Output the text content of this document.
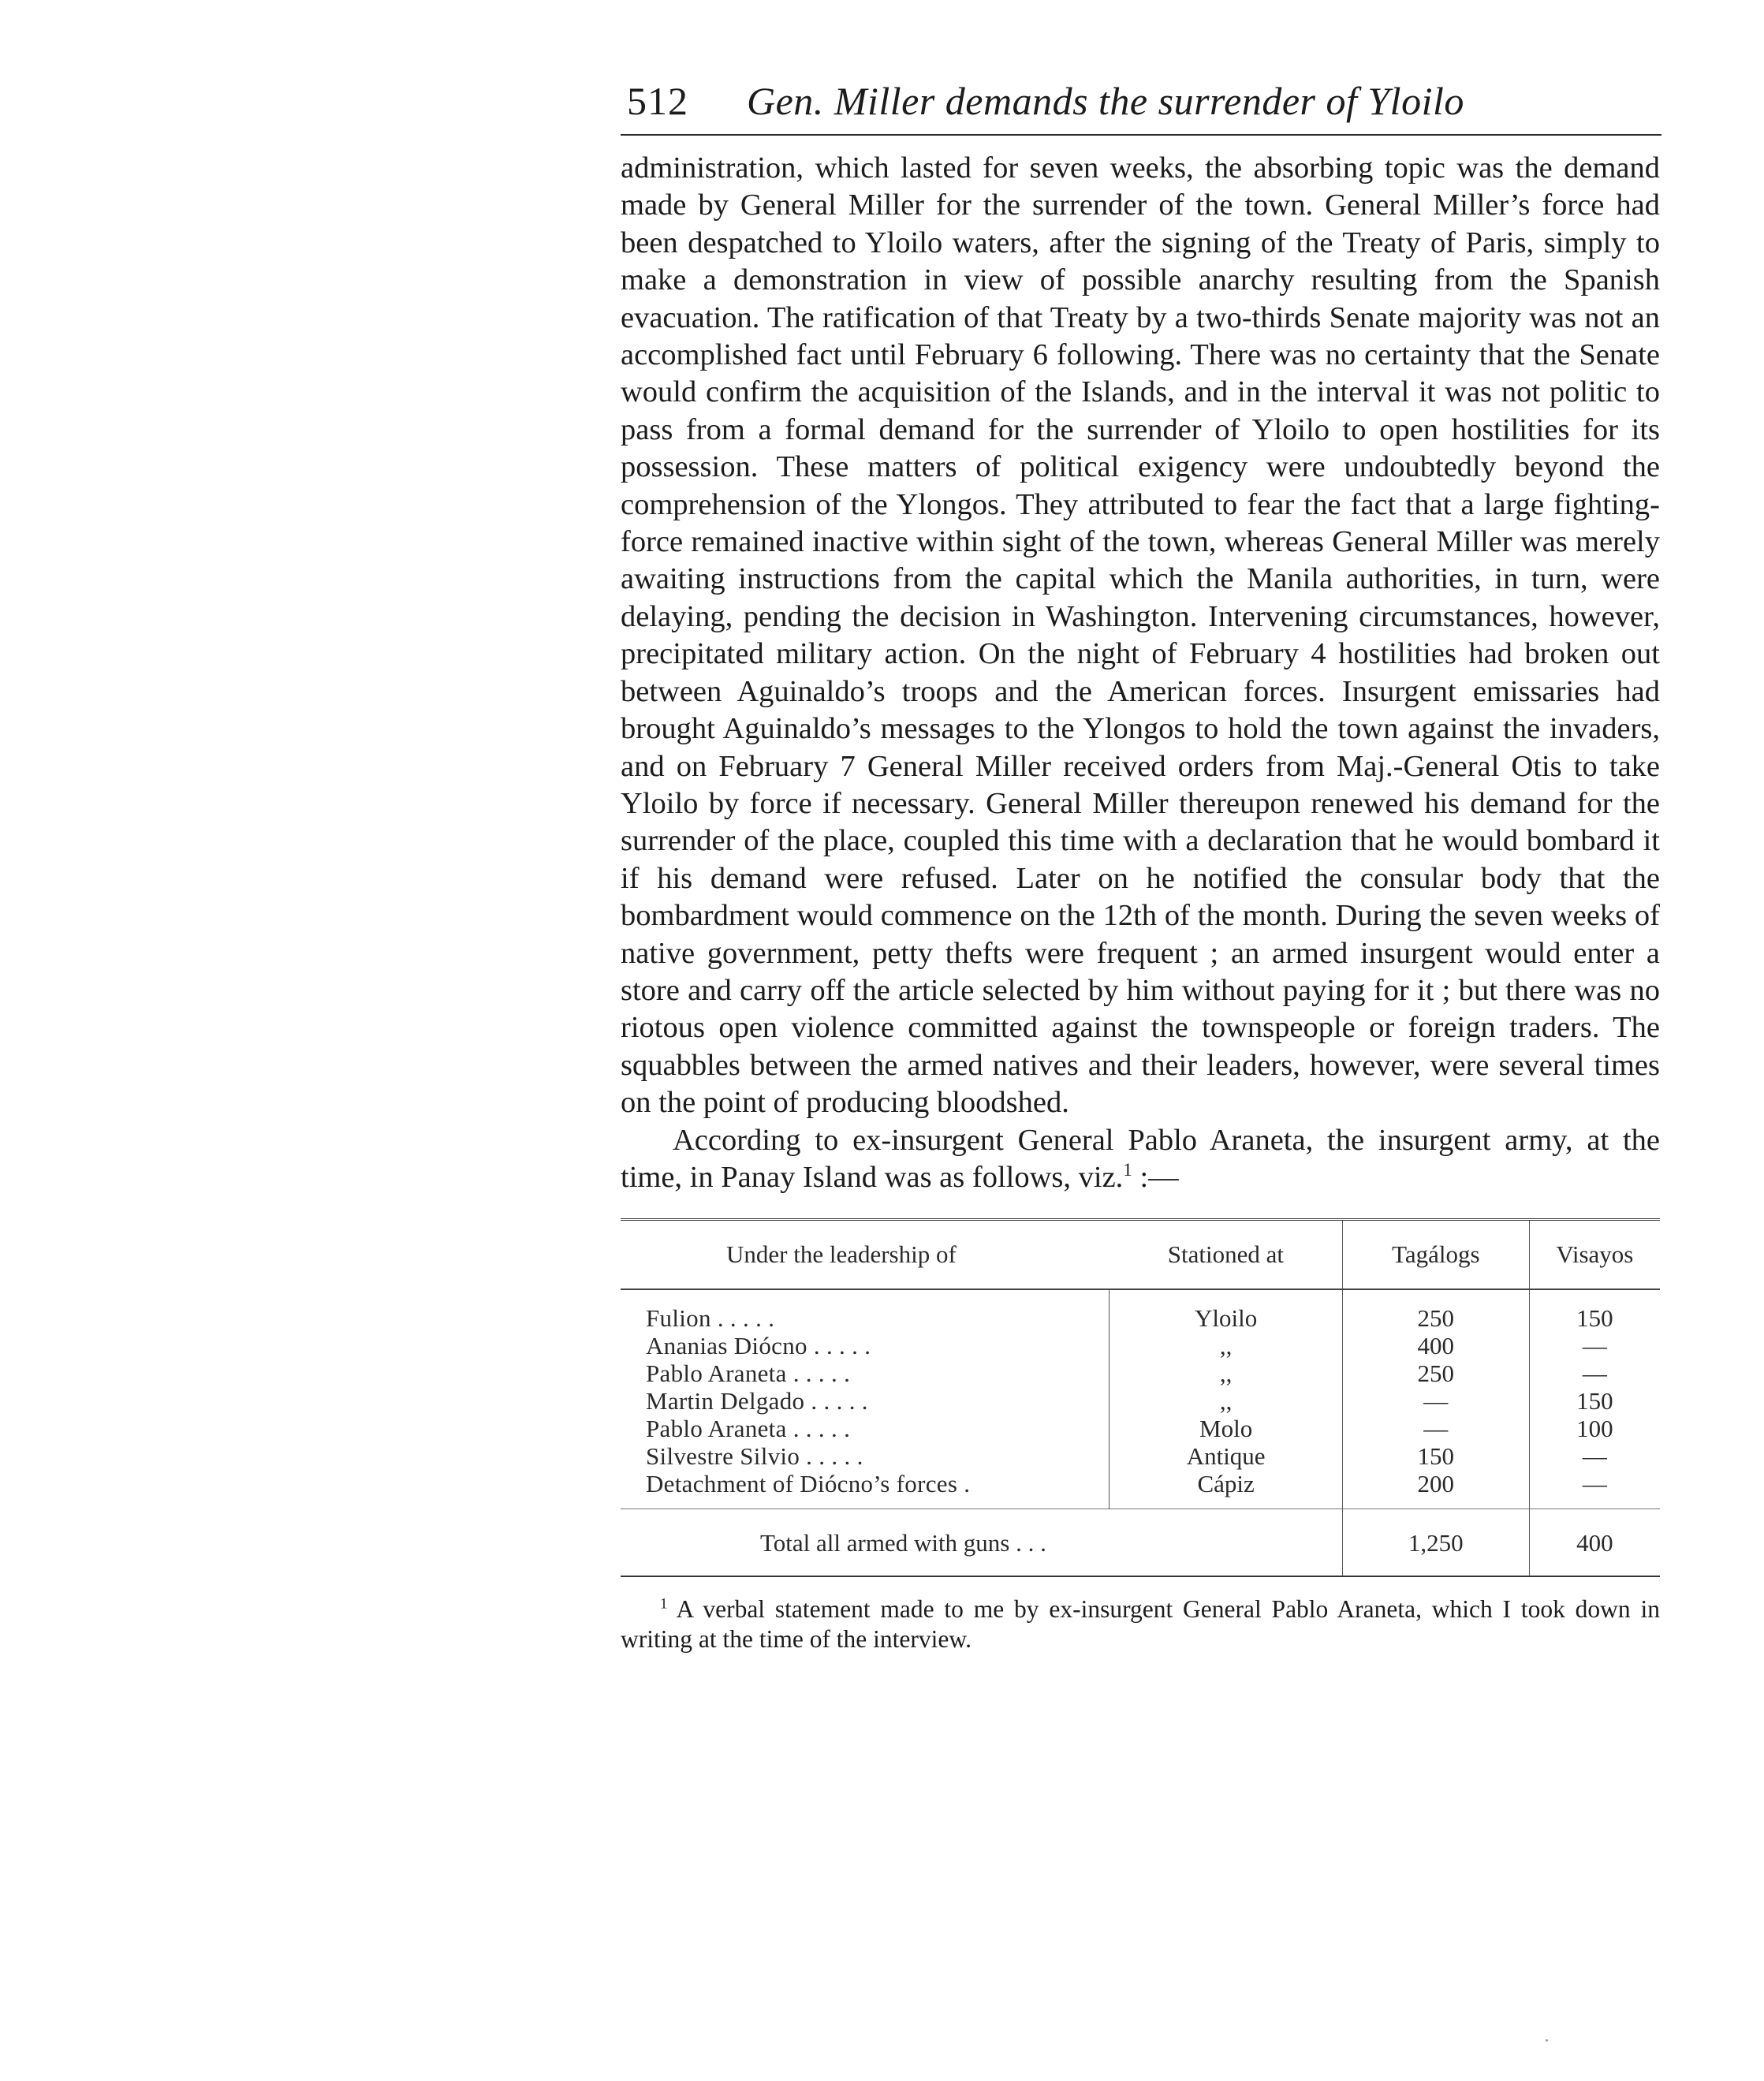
512 Gen. Miller demands the surrender of Yloilo

administration, which lasted for seven weeks, the absorbing topic was the demand made by General Miller for the surrender of the town. General Miller’s force had been despatched to Yloilo waters, after the signing of the Treaty of Paris, simply to make a demonstration in view of possible anarchy resulting from the Spanish evacuation. The ratification of that Treaty by a two-thirds Senate majority was not an accomplished fact until February 6 following. There was no certainty that the Senate would confirm the acquisition of the Islands, and in the interval it was not politic to pass from a formal demand for the surrender of Yloilo to open hostilities for its possession. These matters of political exigency were undoubtedly beyond the comprehension of the Ylongos. They attributed to fear the fact that a large fighting-force remained inactive within sight of the town, whereas General Miller was merely awaiting instructions from the capital which the Manila authorities, in turn, were delaying, pending the decision in Washington. Intervening circumstances, however, precipitated military action. On the night of February 4 hostilities had broken out between Aguinaldo’s troops and the American forces. Insurgent emissaries had brought Aguinaldo’s messages to the Ylongos to hold the town against the invaders, and on February 7 General Miller received orders from Maj.-General Otis to take Yloilo by force if necessary. General Miller thereupon renewed his demand for the surrender of the place, coupled this time with a declaration that he would bombard it if his demand were refused. Later on he notified the consular body that the bombardment would commence on the 12th of the month. During the seven weeks of native government, petty thefts were frequent ; an armed insurgent would enter a store and carry off the article selected by him without paying for it ; but there was no riotous open violence committed against the townspeople or foreign traders. The squabbles between the armed natives and their leaders, however, were several times on the point of producing bloodshed.

According to ex-insurgent General Pablo Araneta, the insurgent army, at the time, in Panay Island was as follows, viz.$^1$ :—

Under the leadership of	Stationed at	Tagálogs	Visayos
Fulion . . . . .	Yloilo	250	150
Ananias Diócno . . . . .	,,	400	—
Pablo Araneta . . . . .	,,	250	—
Martin Delgado . . . . .	,,	—	150
Pablo Araneta . . . . .	Molo	—	100
Silvestre Silvio . . . . .	Antique	150	—
Detachment of Diócno’s forces .	Cápiz	200	—
Total all armed with guns . . .		1,250	400

$^1$ A verbal statement made to me by ex-insurgent General Pablo Araneta, which I took down in writing at the time of the interview.
